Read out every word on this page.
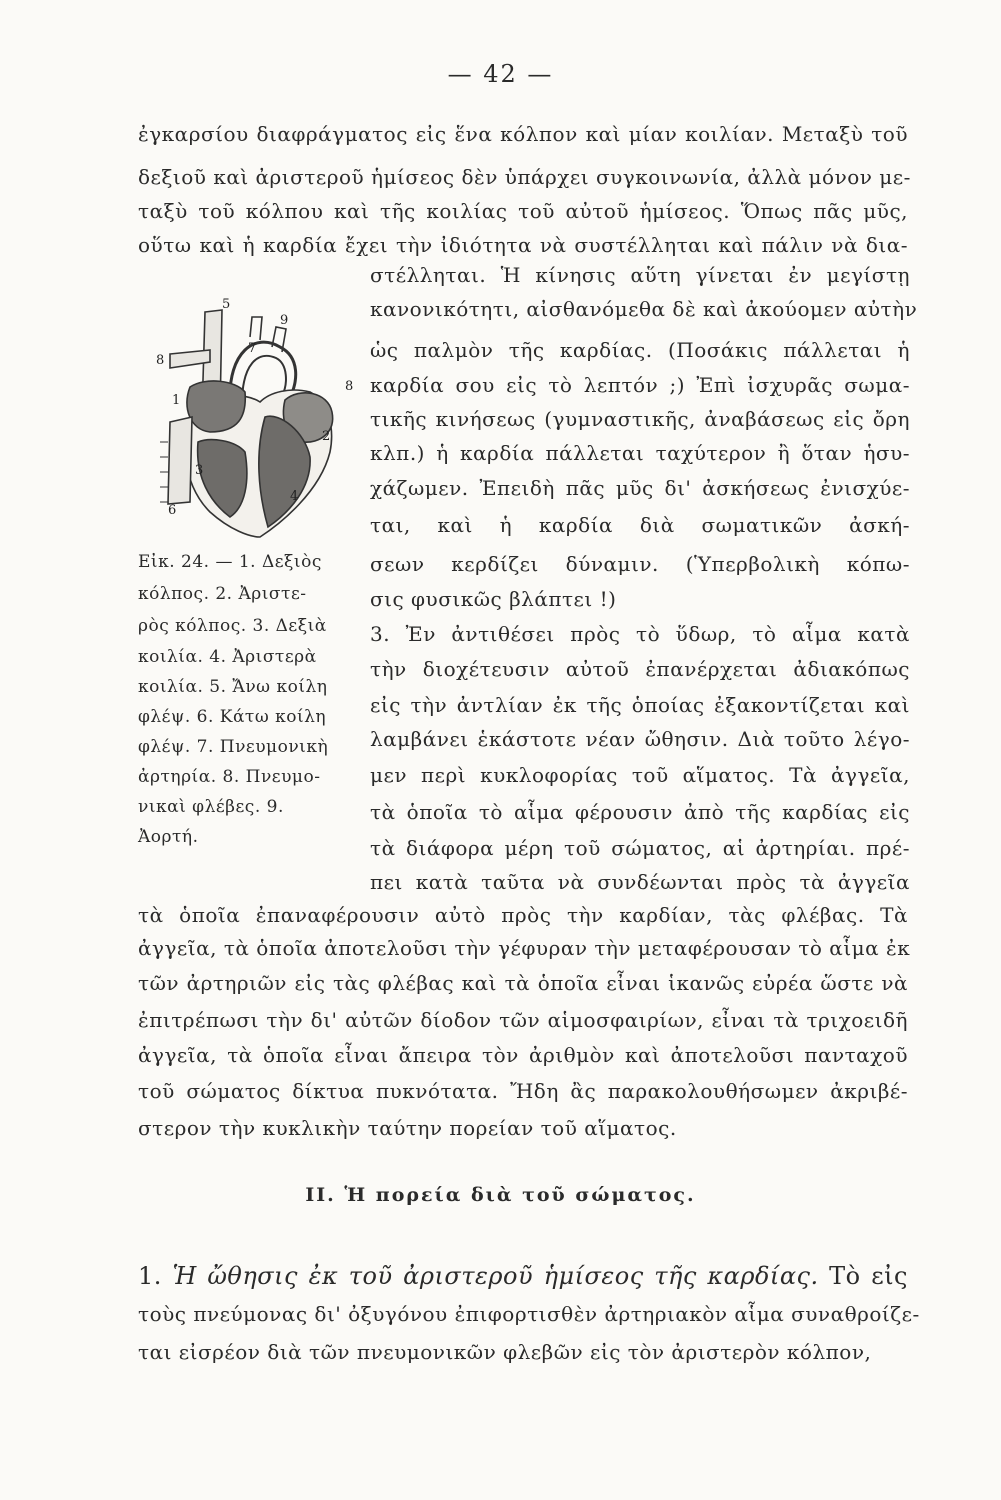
— 42 —
ἐγκαρσίου διαφράγματος εἰς ἕνα κόλπον καὶ μίαν κοιλίαν. Μεταξὺ τοῦ
δεξιοῦ καὶ ἀριστεροῦ ἡμίσεος δὲν ὑπάρχει συγκοινωνία, ἀλλὰ μόνον με-
ταξὺ τοῦ κόλπου καὶ τῆς κοιλίας τοῦ αὐτοῦ ἡμίσεος. Ὅπως πᾶς μῦς,
οὕτω καὶ ἡ καρδία ἔχει τὴν ἰδιότητα νὰ συστέλληται καὶ πάλιν νὰ δια-
στέλληται. Ἡ κίνησις αὕτη γίνεται ἐν μεγίστῃ
κανονικότητι, αἰσθανόμεθα δὲ καὶ ἀκούομεν αὐτὴν
ὡς παλμὸν τῆς καρδίας. (Ποσάκις πάλλεται ἡ
καρδία σου εἰς τὸ λεπτόν ;) Ἐπὶ ἰσχυρᾶς σωμα-
τικῆς κινήσεως (γυμναστικῆς, ἀναβάσεως εἰς ὄρη
κλπ.) ἡ καρδία πάλλεται ταχύτερον ἢ ὅταν ἡσυ-
χάζωμεν. Ἐπειδὴ πᾶς μῦς δι' ἀσκήσεως ἐνισχύε-
ται, καὶ ἡ καρδία διὰ σωματικῶν ἀσκή-
σεων κερδίζει δύναμιν. (Ὑπερβολικὴ κόπω-
σις φυσικῶς βλάπτει !)
3. Ἐν ἀντιθέσει πρὸς τὸ ὕδωρ, τὸ αἷμα κατὰ
τὴν διοχέτευσιν αὐτοῦ ἐπανέρχεται ἀδιακόπως
εἰς τὴν ἀντλίαν ἐκ τῆς ὁποίας ἐξακοντίζεται καὶ
λαμβάνει ἑκάστοτε νέαν ὤθησιν. Διὰ τοῦτο λέγο-
μεν περὶ κυκλοφορίας τοῦ αἵματος. Τὰ ἀγγεῖα,
τὰ ὁποῖα τὸ αἷμα φέρουσιν ἀπὸ τῆς καρδίας εἰς
τὰ διάφορα μέρη τοῦ σώματος, αἱ ἀρτηρίαι. πρέ-
πει κατὰ ταῦτα νὰ συνδέωνται πρὸς τὰ ἀγγεῖα
5
9
8
7
8
1
2
3
4
6
Εἰκ. 24. — 1. Δεξιὸς
κόλπος. 2. Ἀριστε-
ρὸς κόλπος. 3. Δεξιὰ
κοιλία. 4. Ἀριστερὰ
κοιλία. 5. Ἄνω κοίλη
φλέψ. 6. Κάτω κοίλη
φλέψ. 7. Πνευμονικὴ
ἀρτηρία. 8. Πνευμο-
νικαὶ φλέβες. 9.
Ἀορτή.
τὰ ὁποῖα ἐπαναφέρουσιν αὐτὸ πρὸς τὴν καρδίαν, τὰς φλέβας. Τὰ
ἀγγεῖα, τὰ ὁποῖα ἀποτελοῦσι τὴν γέφυραν τὴν μεταφέρουσαν τὸ αἷμα ἐκ
τῶν ἀρτηριῶν εἰς τὰς φλέβας καὶ τὰ ὁποῖα εἶναι ἱκανῶς εὐρέα ὥστε νὰ
ἐπιτρέπωσι τὴν δι' αὐτῶν δίοδον τῶν αἱμοσφαιρίων, εἶναι τὰ τριχοειδῆ
ἀγγεῖα, τὰ ὁποῖα εἶναι ἄπειρα τὸν ἀριθμὸν καὶ ἀποτελοῦσι πανταχοῦ
τοῦ σώματος δίκτυα πυκνότατα. Ἤδη ἂς παρακολουθήσωμεν ἀκριβέ-
στερον τὴν κυκλικὴν ταύτην πορείαν τοῦ αἵματος.
II. Ἡ πορεία διὰ τοῦ σώματος.
1. Ἡ ὤθησις ἐκ τοῦ ἀριστεροῦ ἡμίσεος τῆς καρδίας. Τὸ εἰς
τοὺς πνεύμονας δι' ὀξυγόνου ἐπιφορτισθὲν ἀρτηριακὸν αἷμα συναθροίζε-
ται εἰσρέον διὰ τῶν πνευμονικῶν φλεβῶν εἰς τὸν ἀριστερὸν κόλπον,
